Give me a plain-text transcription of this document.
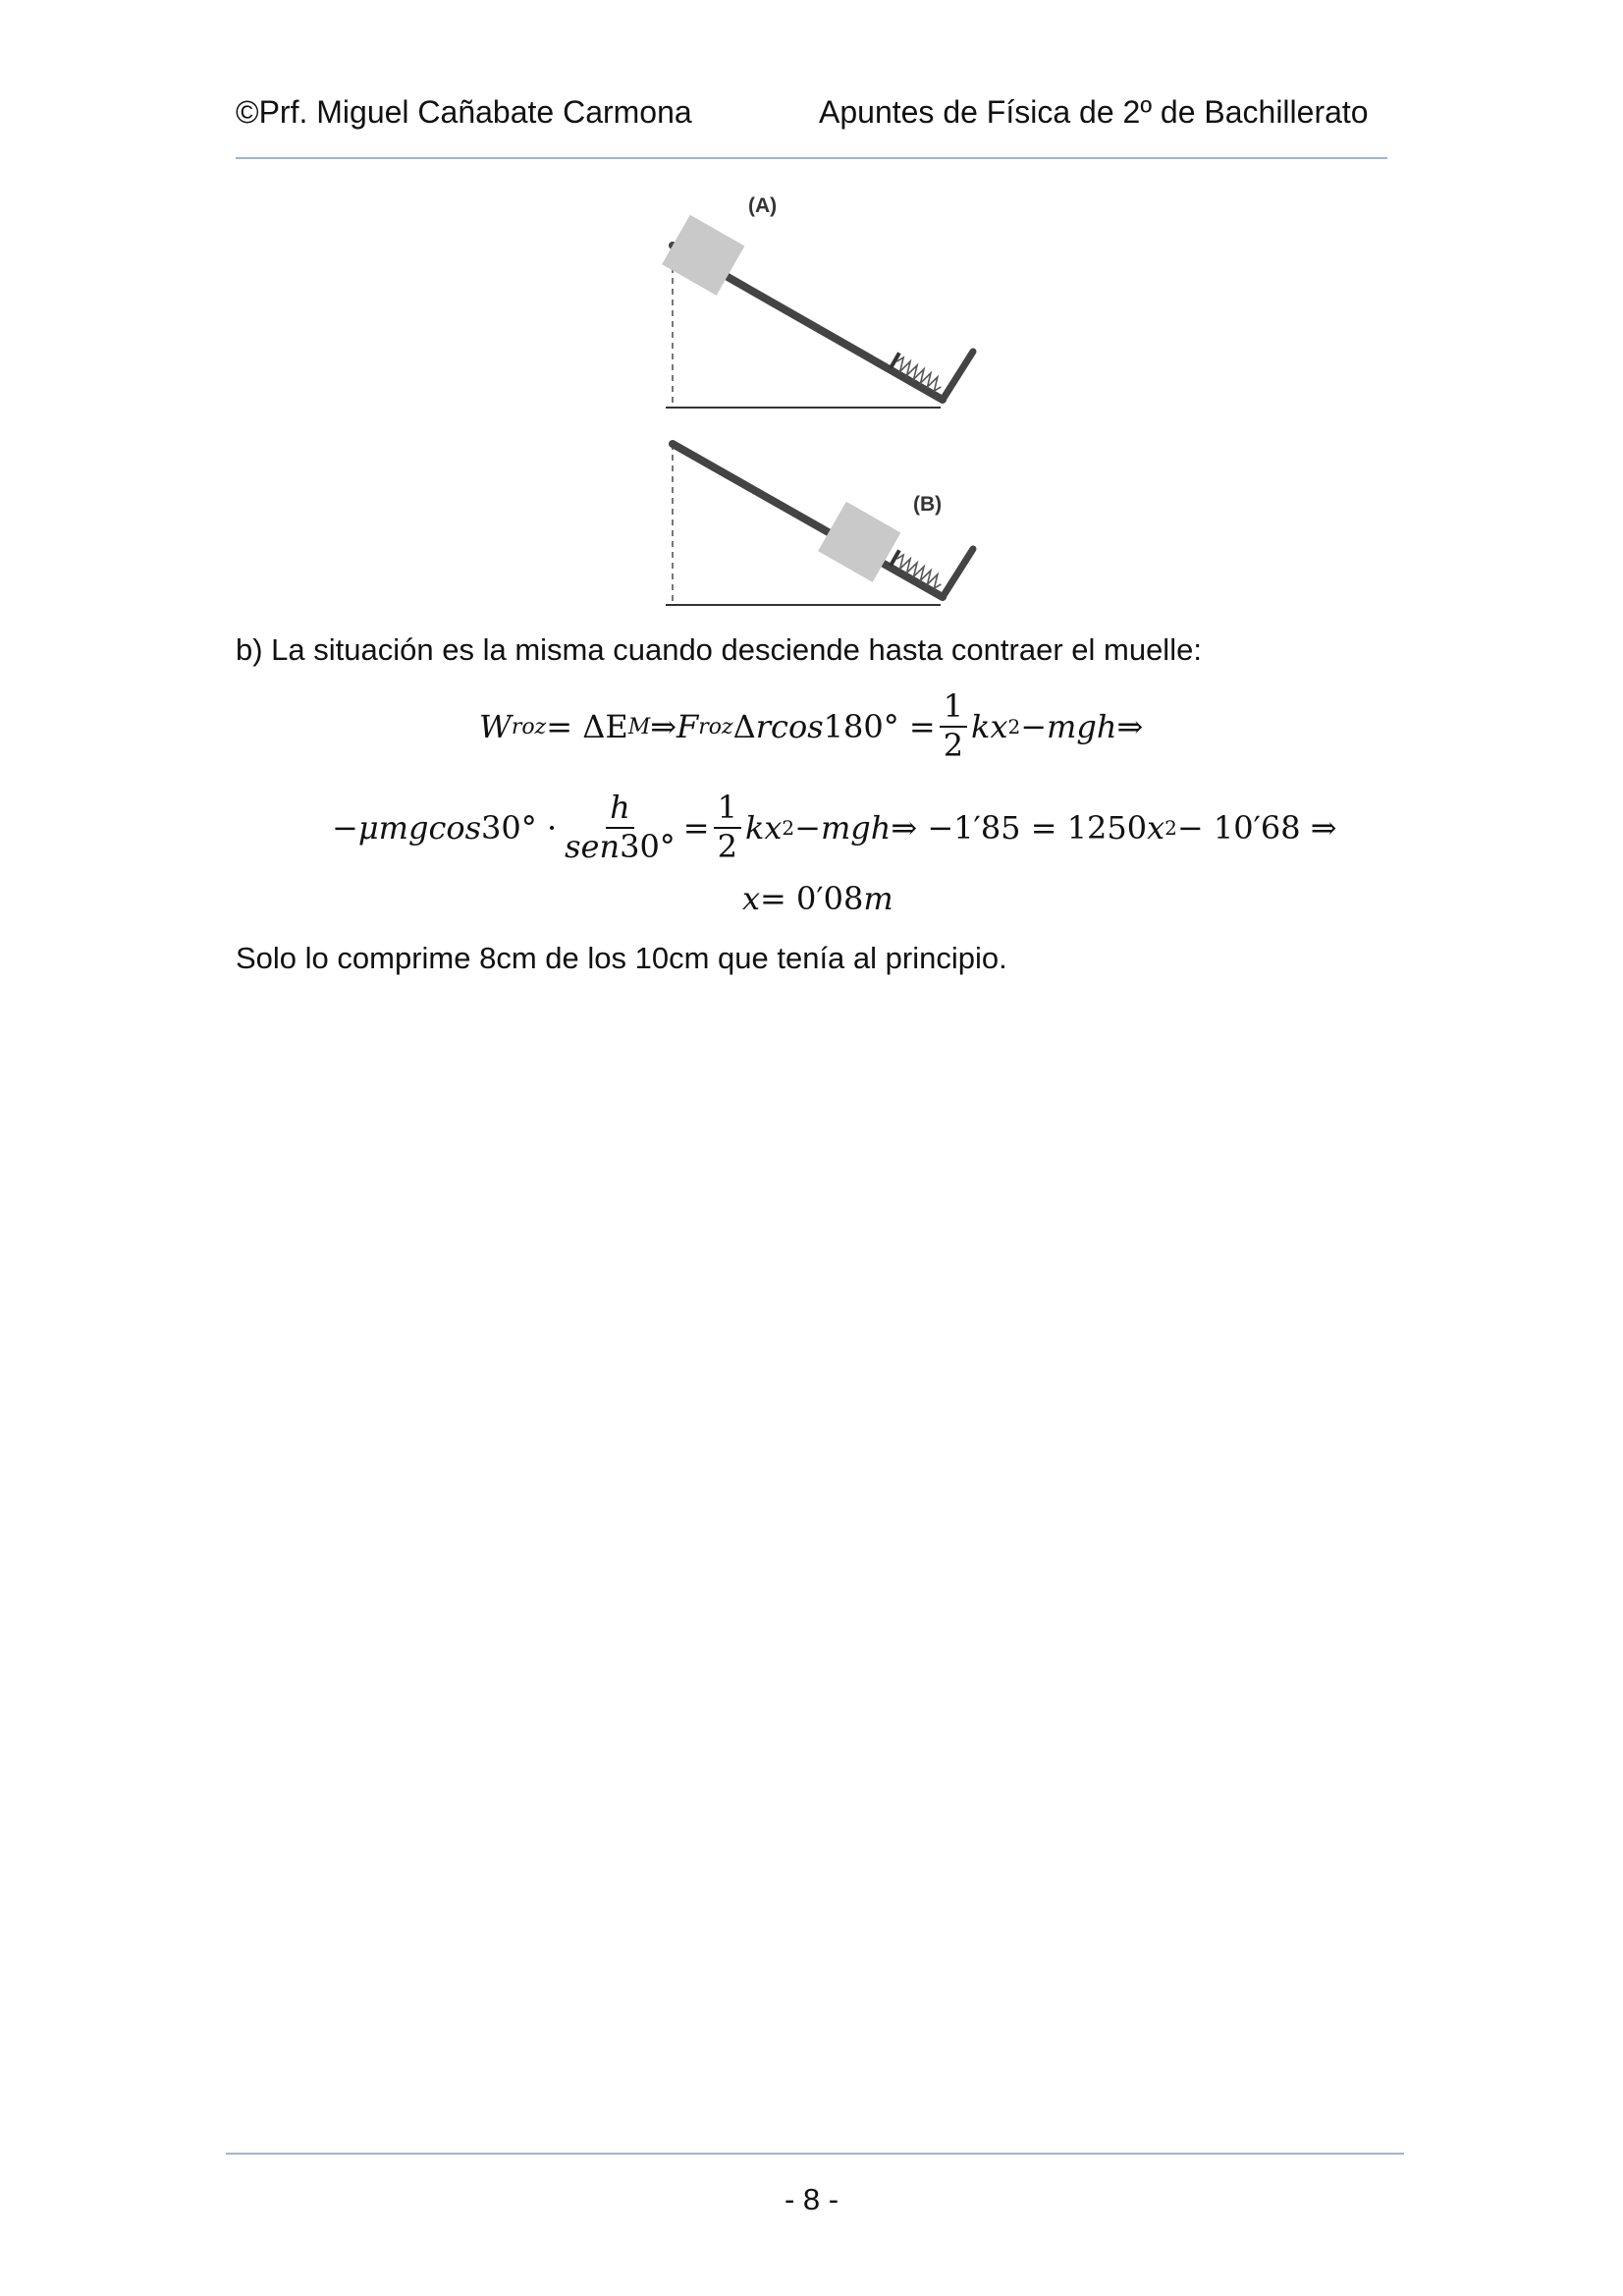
©Prf. Miguel Cañabate Carmona	Apuntes de Física de 2º de Bachillerato
(A)
(B)
b) La situación es la misma cuando desciende hasta contraer el muelle:
W roz = ΔE M ⇒ F roz Δ rcos $180^\circ = \frac{1}{2}$ kx 2 − mgh ⇒
− μmgcos $30^\circ \cdot \frac{h}{\text{sen30°}} = \frac{1}{2}$ kx 2 − mgh ⇒ −1′85 = 1250 x 2 − 10′68 ⇒
x = 0′08 m
Solo lo comprime 8cm de los 10cm que tenía al principio.
- 8 -
